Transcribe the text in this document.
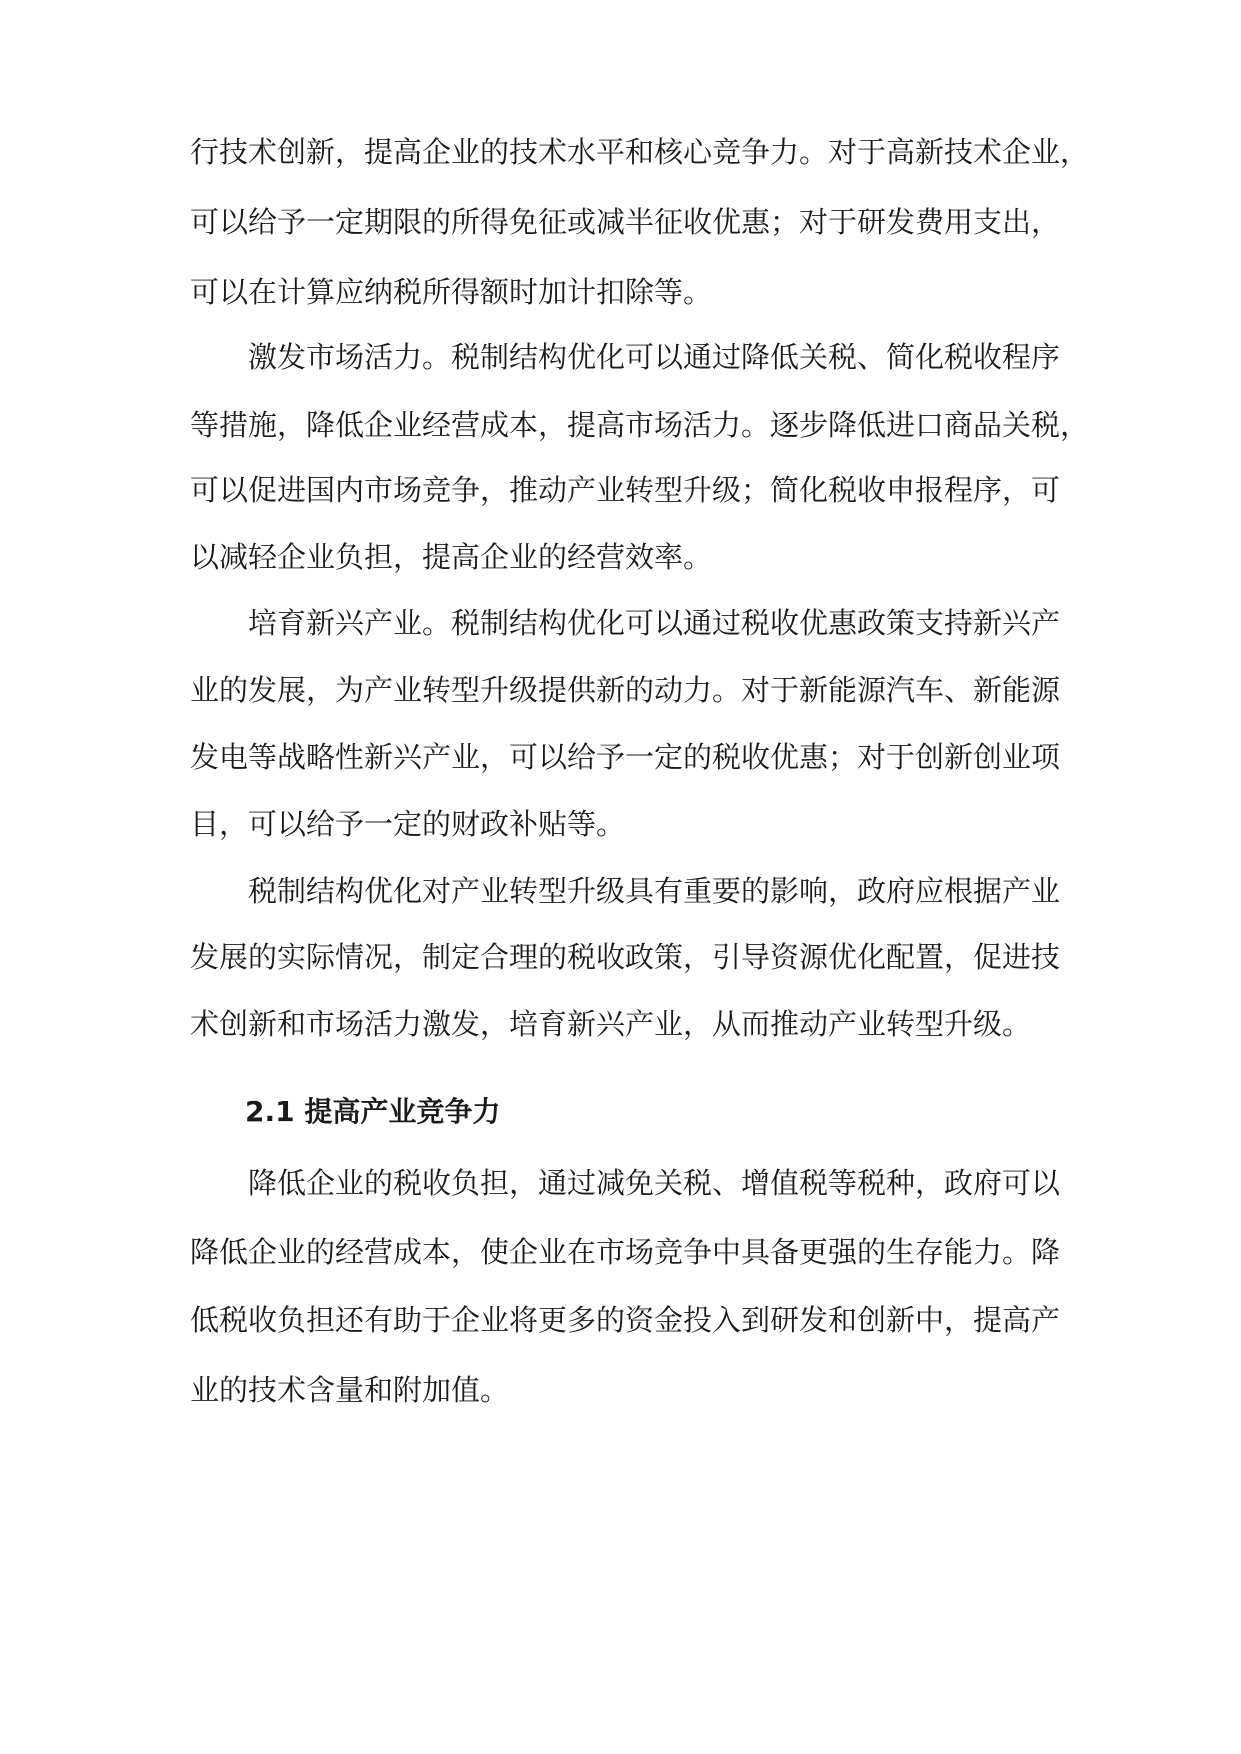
行技术创新，提高企业的技术水平和核心竞争力。对于高新技术企业，
可以给予一定期限的所得免征或减半征收优惠；对于研发费用支出，
可以在计算应纳税所得额时加计扣除等。
激发市场活力。税制结构优化可以通过降低关税、简化税收程序
等措施，降低企业经营成本，提高市场活力。逐步降低进口商品关税，
可以促进国内市场竞争，推动产业转型升级；简化税收申报程序，可
以减轻企业负担，提高企业的经营效率。
培育新兴产业。税制结构优化可以通过税收优惠政策支持新兴产
业的发展，为产业转型升级提供新的动力。对于新能源汽车、新能源
发电等战略性新兴产业，可以给予一定的税收优惠；对于创新创业项
目，可以给予一定的财政补贴等。
税制结构优化对产业转型升级具有重要的影响，政府应根据产业
发展的实际情况，制定合理的税收政策，引导资源优化配置，促进技
术创新和市场活力激发，培育新兴产业，从而推动产业转型升级。
2.1 提高产业竞争力
降低企业的税收负担，通过减免关税、增值税等税种，政府可以
降低企业的经营成本，使企业在市场竞争中具备更强的生存能力。降
低税收负担还有助于企业将更多的资金投入到研发和创新中，提高产
业的技术含量和附加值。
